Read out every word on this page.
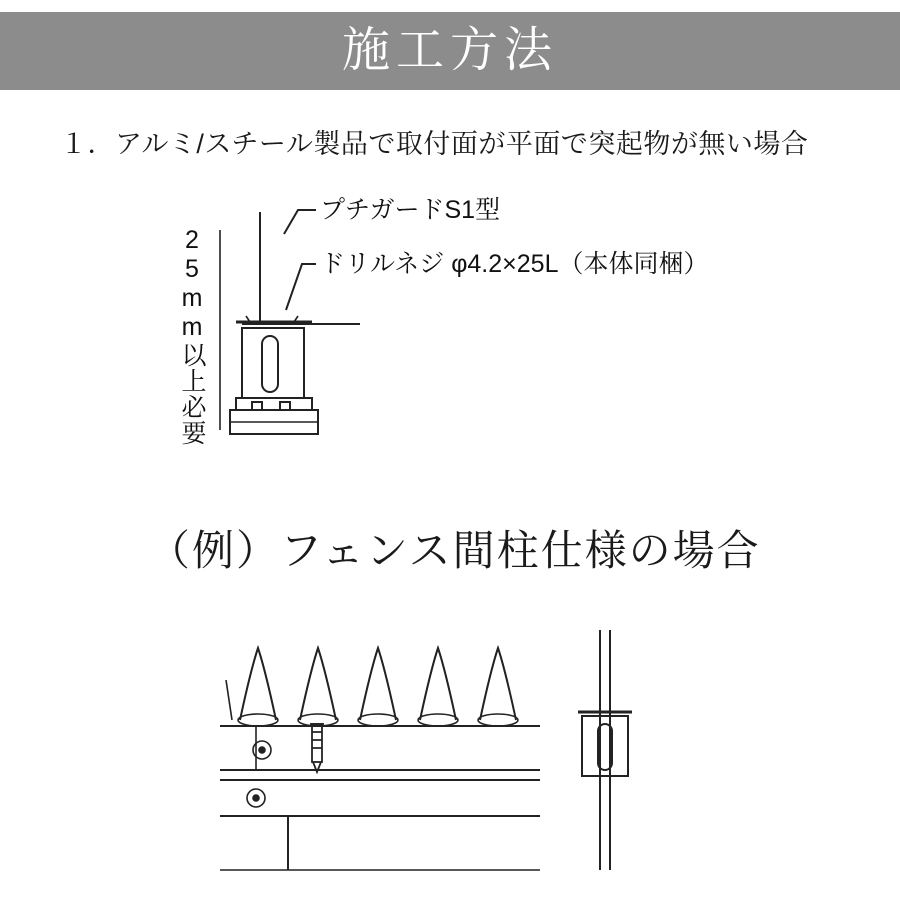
施工方法
１．アルミ/スチール製品で取付面が平面で突起物が無い場合
プチガードS1型
ドリルネジ φ4.2×25L（本体同梱）
25mm以上必要
（例）フェンス間柱仕様の場合
